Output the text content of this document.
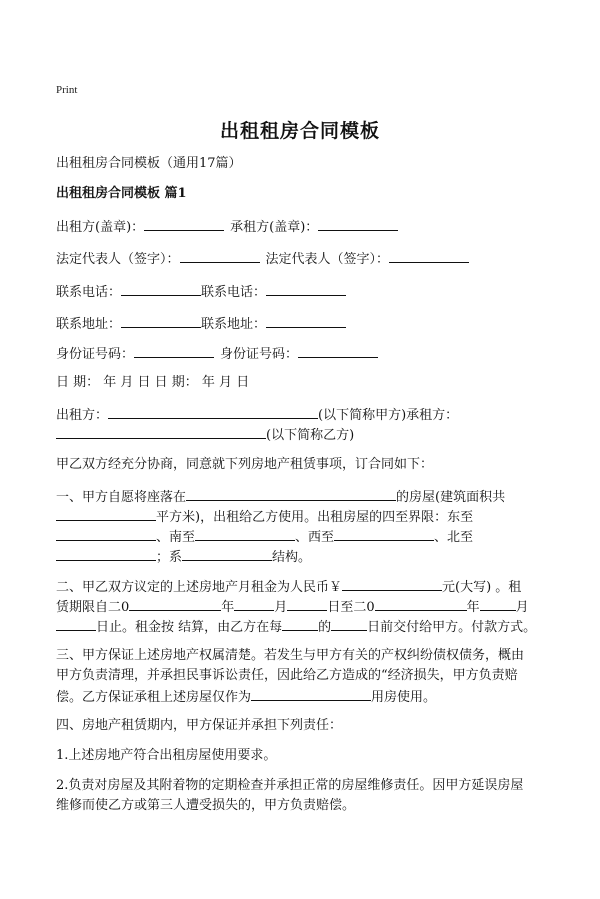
Print
出租租房合同模板
出租租房合同模板（通用17篇）
出租租房合同模板 篇1
出租方(盖章)：	承租方(盖章)：
法定代表人（签字）：	法定代表人（签字）：
联系电话：	联系电话：
联系地址：	联系地址：
身份证号码：	身份证号码：
日 期： 年 月 日 日 期： 年 月 日
出租方：	(以下简称甲方)承租方：
(以下简称乙方)
甲乙双方经充分协商，同意就下列房地产租赁事项，订合同如下：
一、甲方自愿将座落在	的房屋(建筑面积共
平方米)，出租给乙方使用。出租房屋的四至界限：东至
、南至	、西至	、北至
；系	结构。
二、甲乙双方议定的上述房地产月租金为人民币￥	元(大写) 。租
赁期限自二0	年	月	日至二0	年	月
日止。租金按 结算，由乙方在每	的	日前交付给甲方。付款方式。
三、甲方保证上述房地产权属清楚。若发生与甲方有关的产权纠纷债权债务，概由
甲方负责清理，并承担民事诉讼责任，因此给乙方造成的“经济损失，甲方负责赔
偿。乙方保证承租上述房屋仅作为	用房使用。
四、房地产租赁期内，甲方保证并承担下列责任：
1.上述房地产符合出租房屋使用要求。
2.负责对房屋及其附着物的定期检查并承担正常的房屋维修责任。因甲方延误房屋
维修而使乙方或第三人遭受损失的，甲方负责赔偿。
